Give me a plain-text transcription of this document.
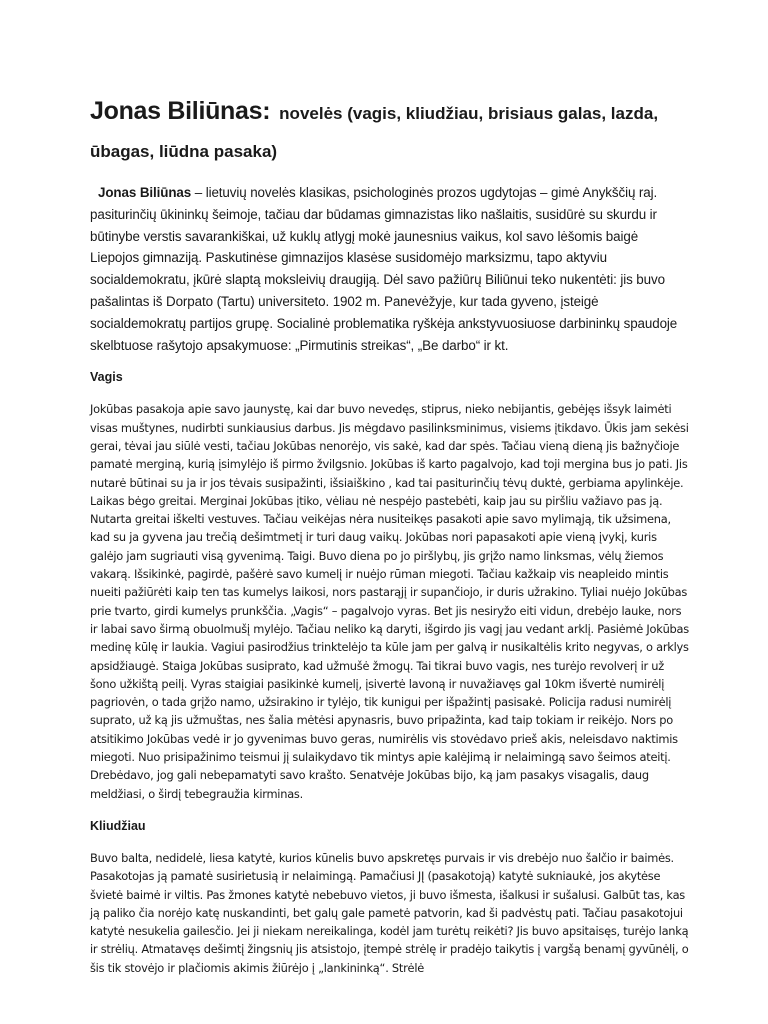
Jonas Biliūnas: novelės (vagis, kliudžiau, brisiaus galas, lazda, ūbagas, liūdna pasaka)

Jonas Biliūnas – lietuvių novelės klasikas, psichologinės prozos ugdytojas – gimė Anykščių raj. pasiturinčių ūkininkų šeimoje, tačiau dar būdamas gimnazistas liko našlaitis, susidūrė su skurdu ir būtinybe verstis savarankiškai, už kuklų atlygį mokė jaunesnius vaikus, kol savo lėšomis baigė Liepojos gimnaziją. Paskutinėse gimnazijos klasėse susidomėjo marksizmu, tapo aktyviu socialdemokratu, įkūrė slaptą moksleivių draugiją. Dėl savo pažiūrų Biliūnui teko nukentėti: jis buvo pašalintas iš Dorpato (Tartu) universiteto. 1902 m. Panevėžyje, kur tada gyveno, įsteigė socialdemokratų partijos grupę. Socialinė problematika ryškėja ankstyvuosiuose darbininkų spaudoje skelbtuose rašytojo apsakymuose: „Pirmutinis streikas“, „Be darbo“ ir kt.

Vagis

Jokūbas pasakoja apie savo jaunystę, kai dar buvo nevedęs, stiprus, nieko nebijantis, gebėjęs išsyk laimėti visas muštynes, nudirbti sunkiausius darbus. Jis mėgdavo pasilinksminimus, visiems įtikdavo. Ūkis jam sekėsi gerai, tėvai jau siūlė vesti, tačiau Jokūbas nenorėjo, vis sakė, kad dar spės. Tačiau vieną dieną jis bažnyčioje pamatė merginą, kurią įsimylėjo iš pirmo žvilgsnio. Jokūbas iš karto pagalvojo, kad toji mergina bus jo pati. Jis nutarė būtinai su ja ir jos tėvais susipažinti, išsiaiškino , kad tai pasiturinčių tėvų duktė, gerbiama apylinkėje. Laikas bėgo greitai. Merginai Jokūbas įtiko, vėliau nė nespėjo pastebėti, kaip jau su piršliu važiavo pas ją. Nutarta greitai iškelti vestuves. Tačiau veikėjas nėra nusiteikęs pasakoti apie savo mylimąją, tik užsimena, kad su ja gyvena jau trečią dešimtmetį ir turi daug vaikų. Jokūbas nori papasakoti apie vieną įvykį, kuris galėjo jam sugriauti visą gyvenimą. Taigi. Buvo diena po jo piršlybų, jis grįžo namo linksmas, vėlų žiemos vakarą. Išsikinkė, pagirdė, pašėrė savo kumelį ir nuėjo rūman miegoti. Tačiau kažkaip vis neapleido mintis nueiti pažiūrėti kaip ten tas kumelys laikosi, nors pastarąjį ir supančiojo, ir duris užrakino. Tyliai nuėjo Jokūbas prie tvarto, girdi kumelys prunkščia. „Vagis“ – pagalvojo vyras. Bet jis nesiryžo eiti vidun, drebėjo lauke, nors ir labai savo širmą obuolmušį mylėjo. Tačiau neliko ką daryti, išgirdo jis vagį jau vedant arklį. Pasiėmė Jokūbas medinę kūlę ir laukia. Vagiui pasirodžius trinktelėjo ta kūle jam per galvą ir nusikaltėlis krito negyvas, o arklys apsidžiaugė. Staiga Jokūbas susiprato, kad užmušė žmogų. Tai tikrai buvo vagis, nes turėjo revolverį ir už šono užkištą peilį. Vyras staigiai pasikinkė kumelį, įsivertė lavoną ir nuvažiavęs gal 10km išvertė numirėlį pagriovėn, o tada grįžo namo, užsirakino ir tylėjo, tik kunigui per išpažintį pasisakė. Policija radusi numirėlį suprato, už ką jis užmuštas, nes šalia mėtėsi apynasris, buvo pripažinta, kad taip tokiam ir reikėjo. Nors po atsitikimo Jokūbas vedė ir jo gyvenimas buvo geras, numirėlis vis stovėdavo prieš akis, neleisdavo naktimis miegoti. Nuo prisipažinimo teismui jį sulaikydavo tik mintys apie kalėjimą ir nelaimingą savo šeimos ateitį. Drebėdavo, jog gali nebepamatyti savo krašto. Senatvėje Jokūbas bijo, ką jam pasakys visagalis, daug meldžiasi, o širdį tebegraužia kirminas.

Kliudžiau

Buvo balta, nedidelė, liesa katytė, kurios kūnelis buvo apskretęs purvais ir vis drebėjo nuo šalčio ir baimės. Pasakotojas ją pamatė susirietusią ir nelaimingą. Pamačiusi JĮ (pasakotoją) katytė sukniaukė, jos akytėse švietė baimė ir viltis. Pas žmones katytė nebebuvo vietos, ji buvo išmesta, išalkusi ir sušalusi. Galbūt tas, kas ją paliko čia norėjo katę nuskandinti, bet galų gale pametė patvorin, kad ši padvėstų pati. Tačiau pasakotojui katytė nesukelia gailesčio. Jei ji niekam nereikalinga, kodėl jam turėtų reikėti? Jis buvo apsitaisęs, turėjo lanką ir strėlių. Atmatavęs dešimtį žingsnių jis atsistojo, įtempė strėlę ir pradėjo taikytis į vargšą benamį gyvūnėlį, o šis tik stovėjo ir plačiomis akimis žiūrėjo į „lankininką“. Strėlė
